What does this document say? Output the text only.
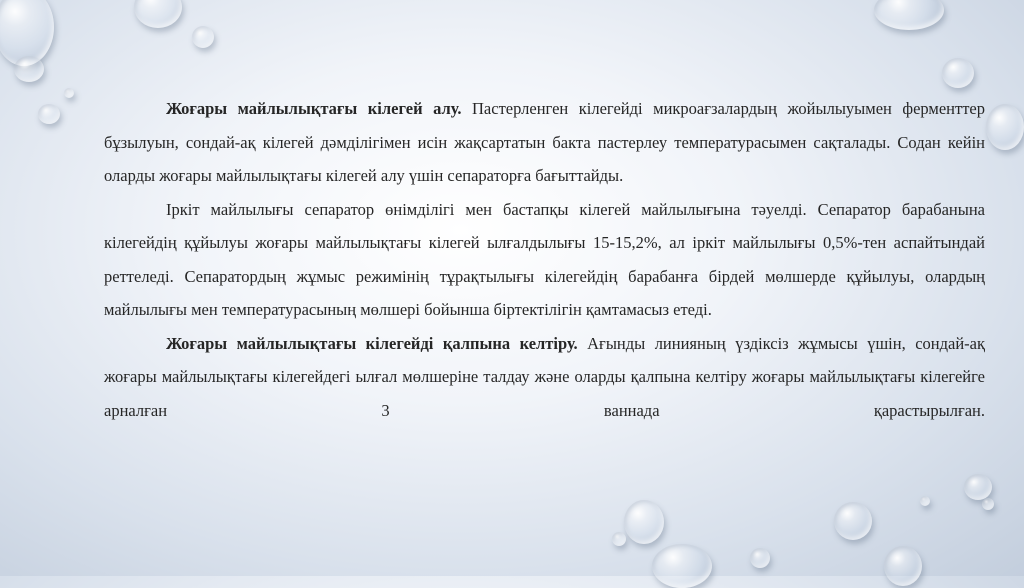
Жоғары майлылықтағы кілегей алу. Пастерленген кілегейді микроағзалардың жойылыуымен ферменттер бұзылуын, сондай-ақ кілегей дәмділігімен исін жақсартатын бакта пастерлеу температурасымен сақталады. Содан кейін оларды жоғары майлылықтағы кілегей алу үшін сепараторға бағыттайды.

Іркіт майлылығы сепаратор өнімділігі мен бастапқы кілегей майлылығына тәуелді. Сепаратор барабанына кілегейдің құйылуы жоғары майлылықтағы кілегей ылғалдылығы 15-15,2%, ал іркіт майлылығы 0,5%-тен аспайтындай реттеледі. Сепаратордың жұмыс режимінің тұрақтылығы кілегейдің барабанға бірдей мөлшерде құйылуы, олардың майлылығы мен температурасының мөлшері бойынша біртектілігін қамтамасыз етеді.

Жоғары майлылықтағы кілегейді қалпына келтіру. Ағынды линияның үздіксіз жұмысы үшін, сондай-ақ жоғары майлылықтағы кілегейдегі ылғал мөлшеріне талдау және оларды қалпына келтіру жоғары майлылықтағы кілегейге арналған 3 ваннада қарастырылған.
